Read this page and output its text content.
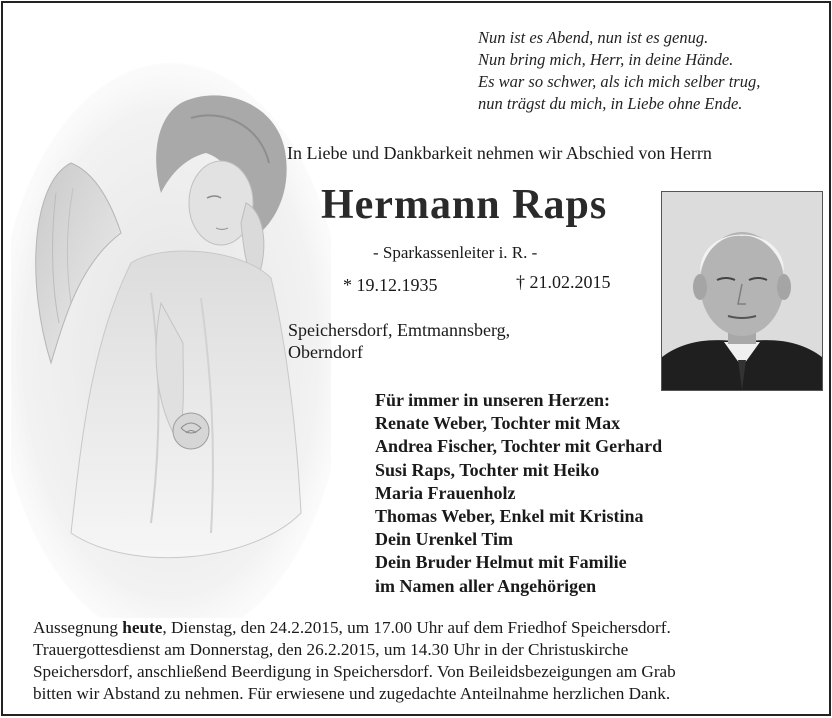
Nun ist es Abend, nun ist es genug.
Nun bring mich, Herr, in deine Hände.
Es war so schwer, als ich mich selber trug,
nun trägst du mich, in Liebe ohne Ende.
In Liebe und Dankbarkeit nehmen wir Abschied von Herrn
Hermann Raps
- Sparkassenleiter i. R. -
* 19.12.1935	† 21.02.2015
Speichersdorf, Emtmannsberg,
Oberndorf
Für immer in unseren Herzen:
Renate Weber, Tochter mit Max
Andrea Fischer, Tochter mit Gerhard
Susi Raps, Tochter mit Heiko
Maria Frauenholz
Thomas Weber, Enkel mit Kristina
Dein Urenkel Tim
Dein Bruder Helmut mit Familie
im Namen aller Angehörigen
Aussegnung heute, Dienstag, den 24.2.2015, um 17.00 Uhr auf dem Friedhof Speichersdorf.
Trauergottesdienst am Donnerstag, den 26.2.2015, um 14.30 Uhr in der Christuskirche
Speichersdorf, anschließend Beerdigung in Speichersdorf. Von Beileidsbezeigungen am Grab
bitten wir Abstand zu nehmen. Für erwiesene und zugedachte Anteilnahme herzlichen Dank.
